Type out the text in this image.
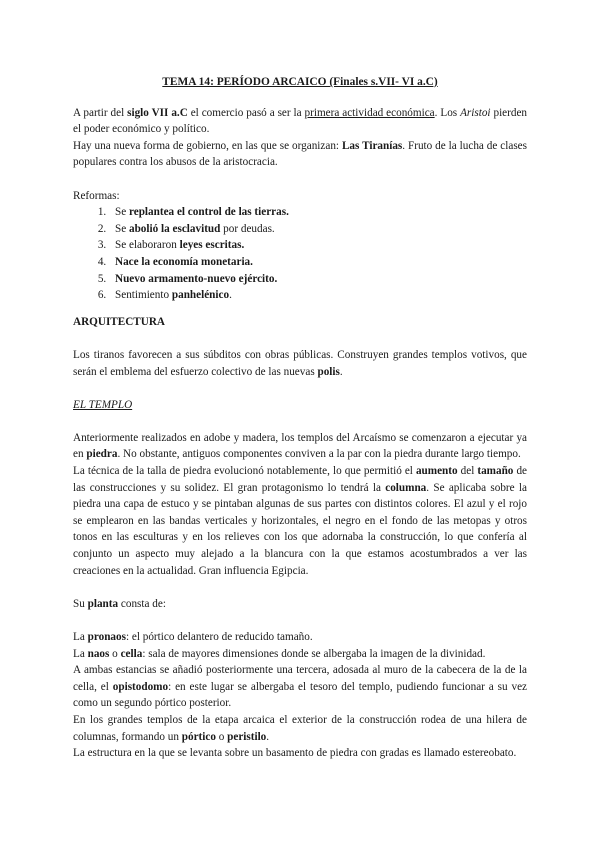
TEMA 14: PERÍODO ARCAICO (Finales s.VII- VI a.C)

A partir del siglo VII a.C el comercio pasó a ser la primera actividad económica. Los Aristoi pierden el poder económico y político.

Hay una nueva forma de gobierno, en las que se organizan: Las Tiranías. Fruto de la lucha de clases populares contra los abusos de la aristocracia.

Reformas:

1. Se replantea el control de las tierras.
2. Se abolió la esclavitud por deudas.
3. Se elaboraron leyes escritas.
4. Nace la economía monetaria.
5. Nuevo armamento-nuevo ejército.
6. Sentimiento panhelénico.

ARQUITECTURA

Los tiranos favorecen a sus súbditos con obras públicas. Construyen grandes templos votivos, que serán el emblema del esfuerzo colectivo de las nuevas polis.

EL TEMPLO

Anteriormente realizados en adobe y madera, los templos del Arcaísmo se comenzaron a ejecutar ya en piedra. No obstante, antiguos componentes conviven a la par con la piedra durante largo tiempo.

La técnica de la talla de piedra evolucionó notablemente, lo que permitió el aumento del tamaño de las construcciones y su solidez. El gran protagonismo lo tendrá la columna. Se aplicaba sobre la piedra una capa de estuco y se pintaban algunas de sus partes con distintos colores. El azul y el rojo se emplearon en las bandas verticales y horizontales, el negro en el fondo de las metopas y otros tonos en las esculturas y en los relieves con los que adornaba la construcción, lo que confería al conjunto un aspecto muy alejado a la blancura con la que estamos acostumbrados a ver las creaciones en la actualidad. Gran influencia Egipcia.

Su planta consta de:

La pronaos: el pórtico delantero de reducido tamaño.

La naos o cella: sala de mayores dimensiones donde se albergaba la imagen de la divinidad.

A ambas estancias se añadió posteriormente una tercera, adosada al muro de la cabecera de la de la cella, el opistodomo: en este lugar se albergaba el tesoro del templo, pudiendo funcionar a su vez como un segundo pórtico posterior.

En los grandes templos de la etapa arcaica el exterior de la construcción rodea de una hilera de columnas, formando un pórtico o peristilo.

La estructura en la que se levanta sobre un basamento de piedra con gradas es llamado estereobato.
